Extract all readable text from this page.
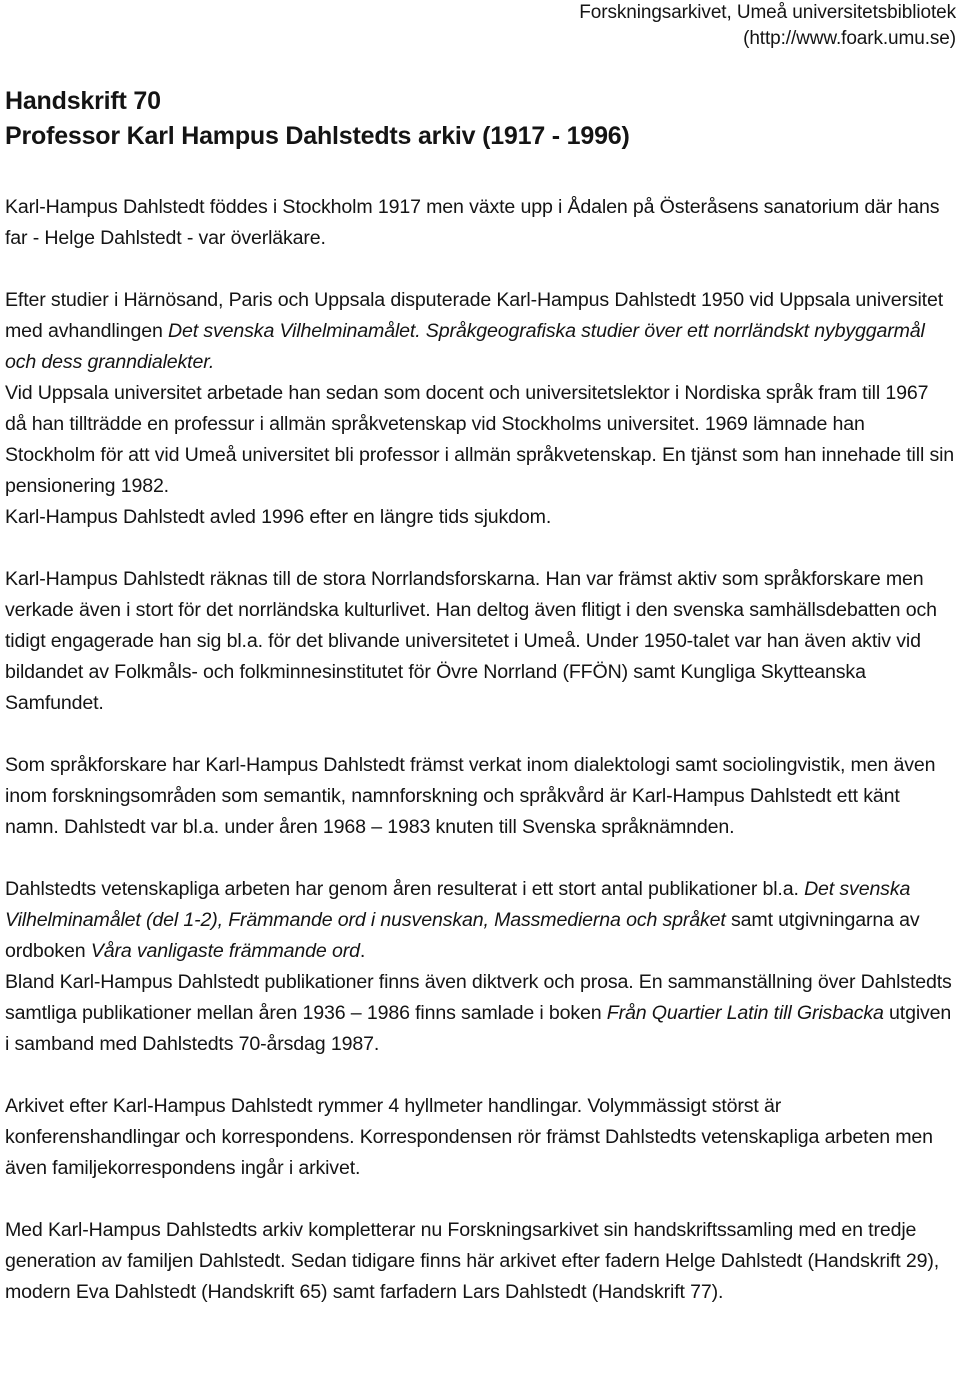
Forskningsarkivet, Umeå universitetsbibliotek
(http://www.foark.umu.se)
Handskrift 70
Professor Karl Hampus Dahlstedts arkiv (1917 - 1996)

Karl-Hampus Dahlstedt föddes i Stockholm 1917 men växte upp i Ådalen på Österåsens sanatorium där hans far - Helge Dahlstedt - var överläkare.

Efter studier i Härnösand, Paris och Uppsala disputerade Karl-Hampus Dahlstedt 1950 vid Uppsala universitet med avhandlingen Det svenska Vilhelminamålet. Språkgeografiska studier över ett norrländskt nybyggarmål och dess granndialekter.

Vid Uppsala universitet arbetade han sedan som docent och universitetslektor i Nordiska språk fram till 1967 då han tillträdde en professur i allmän språkvetenskap vid Stockholms universitet. 1969 lämnade han Stockholm för att vid Umeå universitet bli professor i allmän språkvetenskap. En tjänst som han innehade till sin pensionering 1982.

Karl-Hampus Dahlstedt avled 1996 efter en längre tids sjukdom.

Karl-Hampus Dahlstedt räknas till de stora Norrlandsforskarna. Han var främst aktiv som språkforskare men verkade även i stort för det norrländska kulturlivet. Han deltog även flitigt i den svenska samhällsdebatten och tidigt engagerade han sig bl.a. för det blivande universitetet i Umeå. Under 1950-talet var han även aktiv vid bildandet av Folkmåls- och folkminnesinstitutet för Övre Norrland (FFÖN) samt Kungliga Skytteanska Samfundet.

Som språkforskare har Karl-Hampus Dahlstedt främst verkat inom dialektologi samt sociolingvistik, men även inom forskningsområden som semantik, namnforskning och språkvård är Karl-Hampus Dahlstedt ett känt namn. Dahlstedt var bl.a. under åren 1968 – 1983 knuten till Svenska språknämnden.

Dahlstedts vetenskapliga arbeten har genom åren resulterat i ett stort antal publikationer bl.a. Det svenska Vilhelminamålet (del 1-2), Främmande ord i nusvenskan, Massmedierna och språket samt utgivningarna av ordboken Våra vanligaste främmande ord.

Bland Karl-Hampus Dahlstedt publikationer finns även diktverk och prosa. En sammanställning över Dahlstedts samtliga publikationer mellan åren 1936 – 1986 finns samlade i boken Från Quartier Latin till Grisbacka utgiven i samband med Dahlstedts 70-årsdag 1987.

Arkivet efter Karl-Hampus Dahlstedt rymmer 4 hyllmeter handlingar. Volymmässigt störst är konferenshandlingar och korrespondens. Korrespondensen rör främst Dahlstedts vetenskapliga arbeten men även familjekorrespondens ingår i arkivet.

Med Karl-Hampus Dahlstedts arkiv kompletterar nu Forskningsarkivet sin handskriftssamling med en tredje generation av familjen Dahlstedt. Sedan tidigare finns här arkivet efter fadern Helge Dahlstedt (Handskrift 29), modern Eva Dahlstedt (Handskrift 65) samt farfadern Lars Dahlstedt (Handskrift 77).
